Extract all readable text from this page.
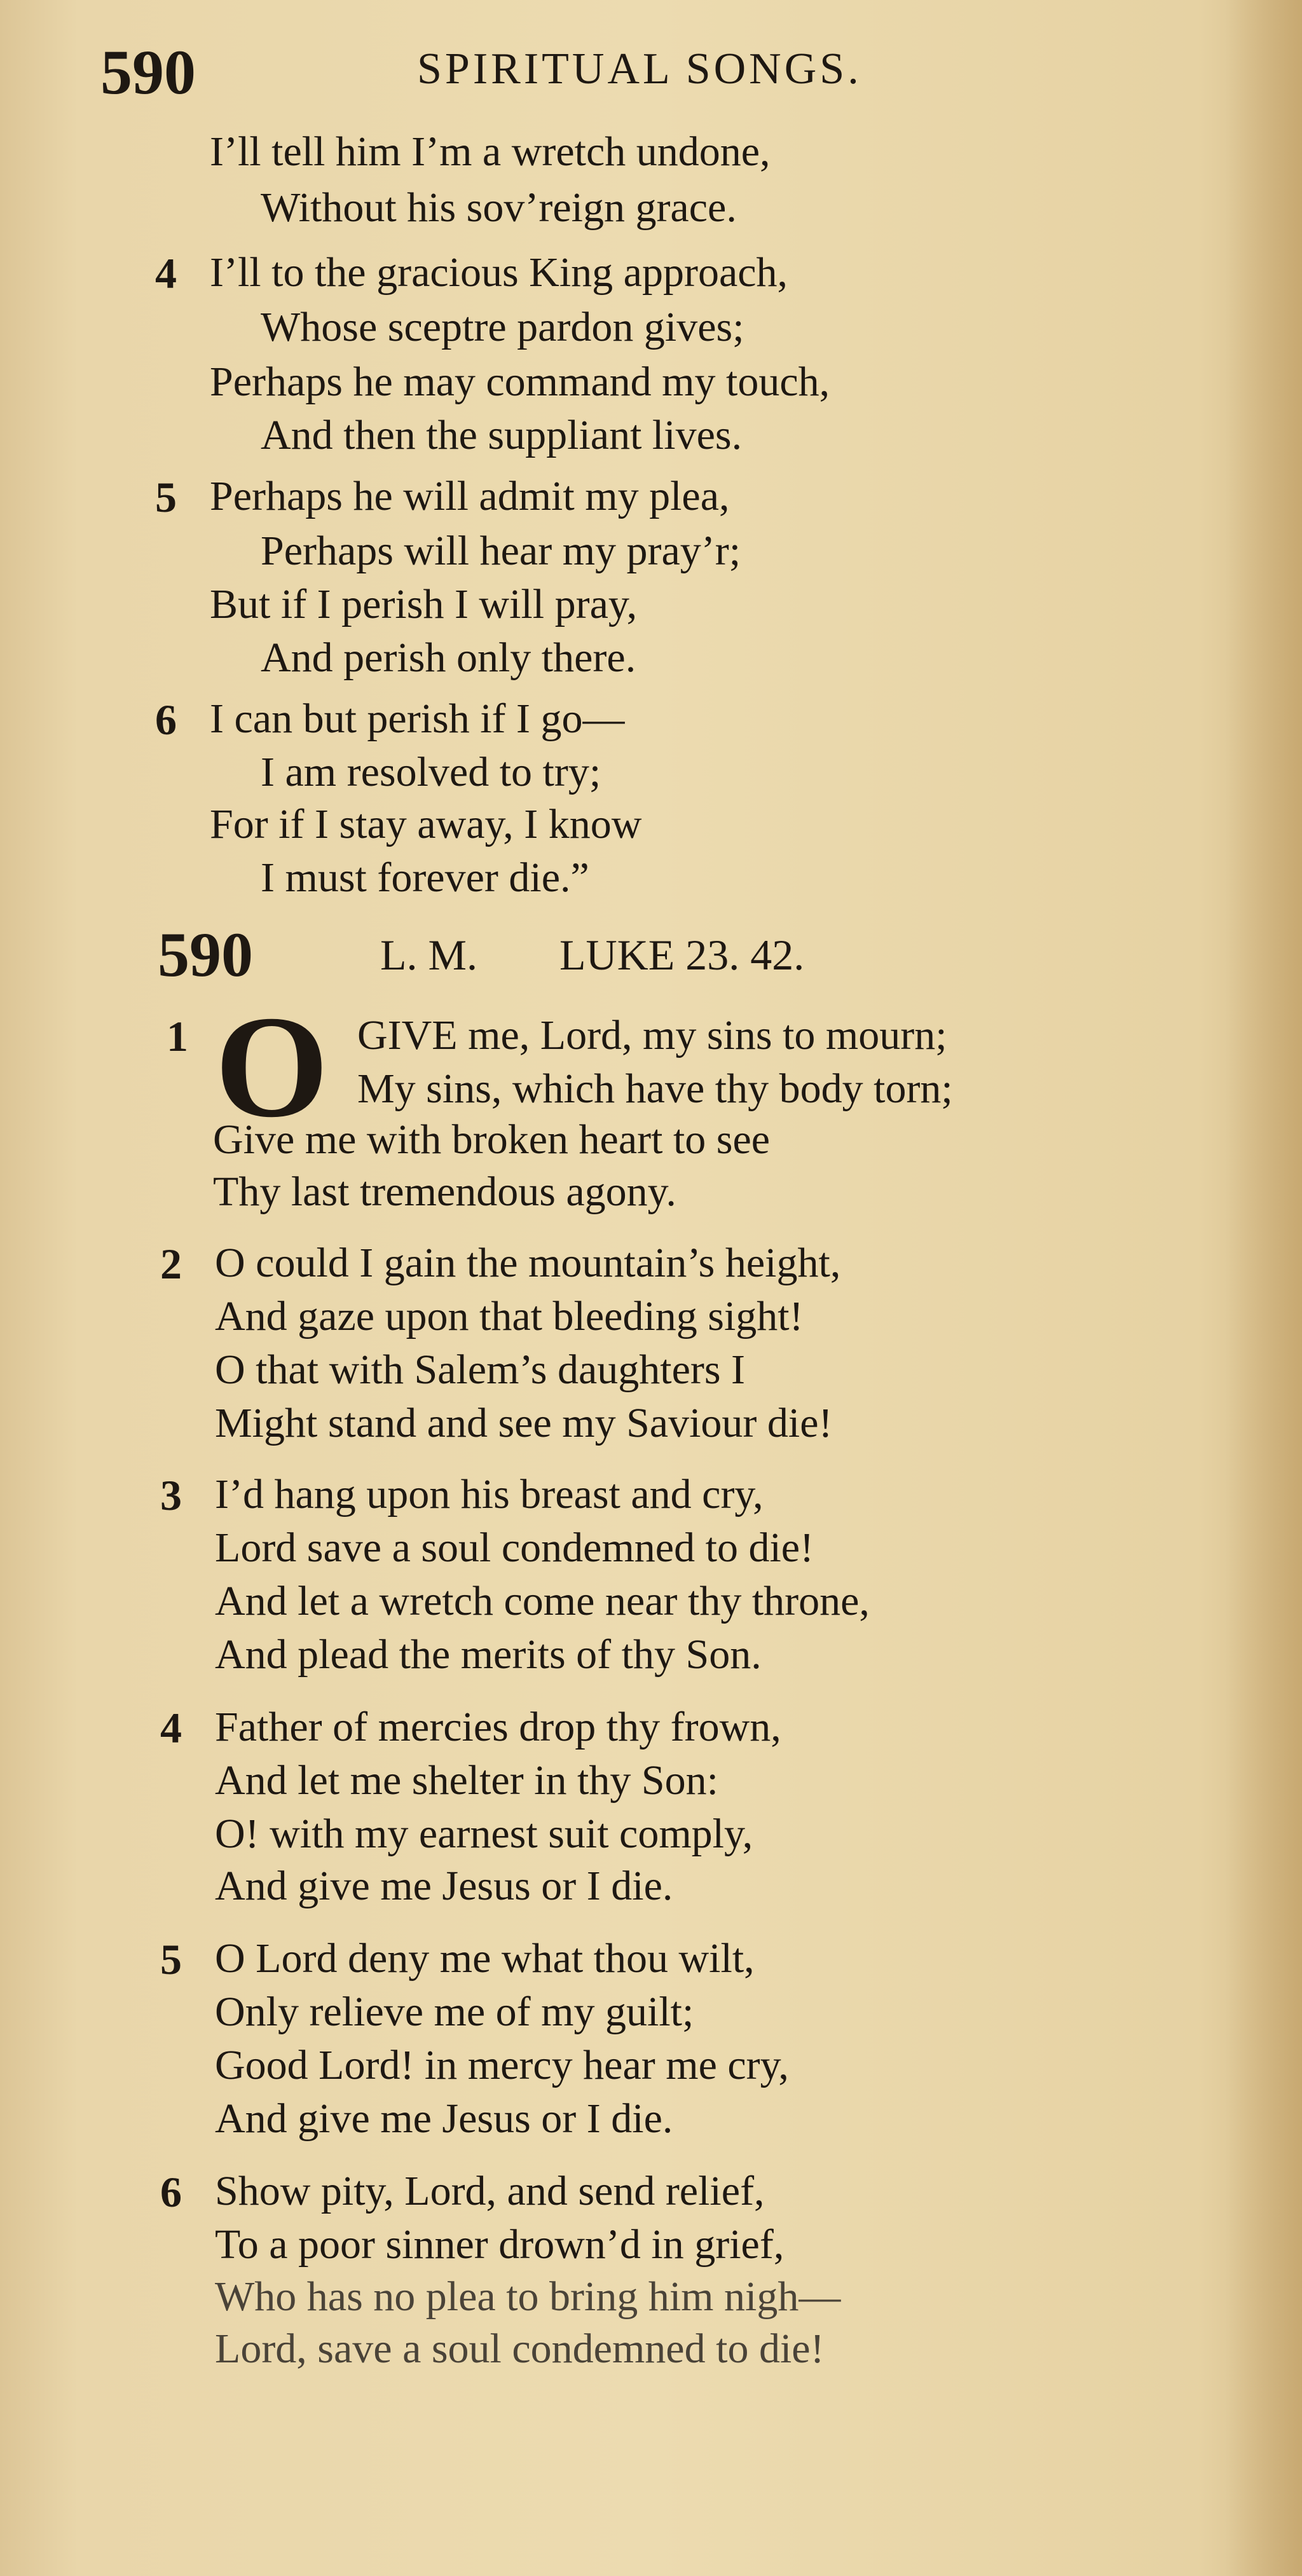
590	SPIRITUAL SONGS.
I’ll tell him I’m a wretch undone,
Without his sov’reign grace.
4 I’ll to the gracious King approach,
Whose sceptre pardon gives;
Perhaps he may command my touch,
And then the suppliant lives.
5 Perhaps he will admit my plea,
Perhaps will hear my pray’r;
But if I perish I will pray,
And perish only there.
6 I can but perish if I go—
I am resolved to try;
For if I stay away, I know
I must forever die.”
590	L. M. LUKE 23. 42.
1 O GIVE me, Lord, my sins to mourn;
My sins, which have thy body torn;
Give me with broken heart to see
Thy last tremendous agony.
2 O could I gain the mountain’s height,
And gaze upon that bleeding sight!
O that with Salem’s daughters I
Might stand and see my Saviour die!
3 I’d hang upon his breast and cry,
Lord save a soul condemned to die!
And let a wretch come near thy throne,
And plead the merits of thy Son.
4 Father of mercies drop thy frown,
And let me shelter in thy Son:
O! with my earnest suit comply,
And give me Jesus or I die.
5 O Lord deny me what thou wilt,
Only relieve me of my guilt;
Good Lord! in mercy hear me cry,
And give me Jesus or I die.
6 Show pity, Lord, and send relief,
To a poor sinner drown’d in grief,
Who has no plea to bring him nigh—
Lord, save a soul condemned to die!
